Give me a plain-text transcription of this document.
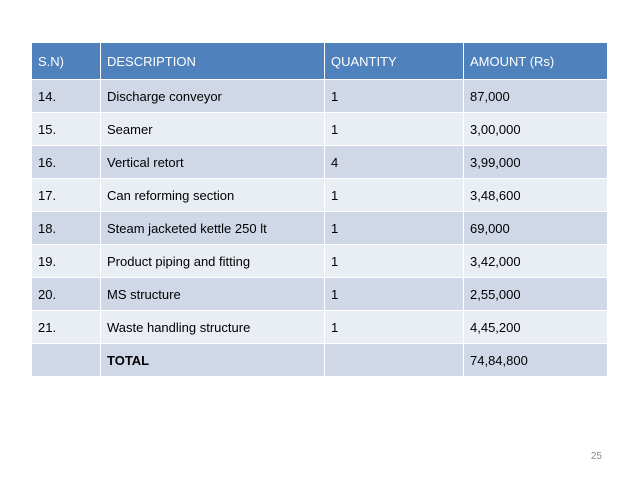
S.N)	DESCRIPTION	QUANTITY	AMOUNT (Rs)
14.	Discharge conveyor	1	87,000
15.	Seamer	1	3,00,000
16.	Vertical retort	4	3,99,000
17.	Can reforming section	1	3,48,600
18.	Steam jacketed kettle 250 lt	1	69,000
19.	Product piping and fitting	1	3,42,000
20.	MS structure	1	2,55,000
21.	Waste handling structure	1	4,45,200
	TOTAL		74,84,800
25
